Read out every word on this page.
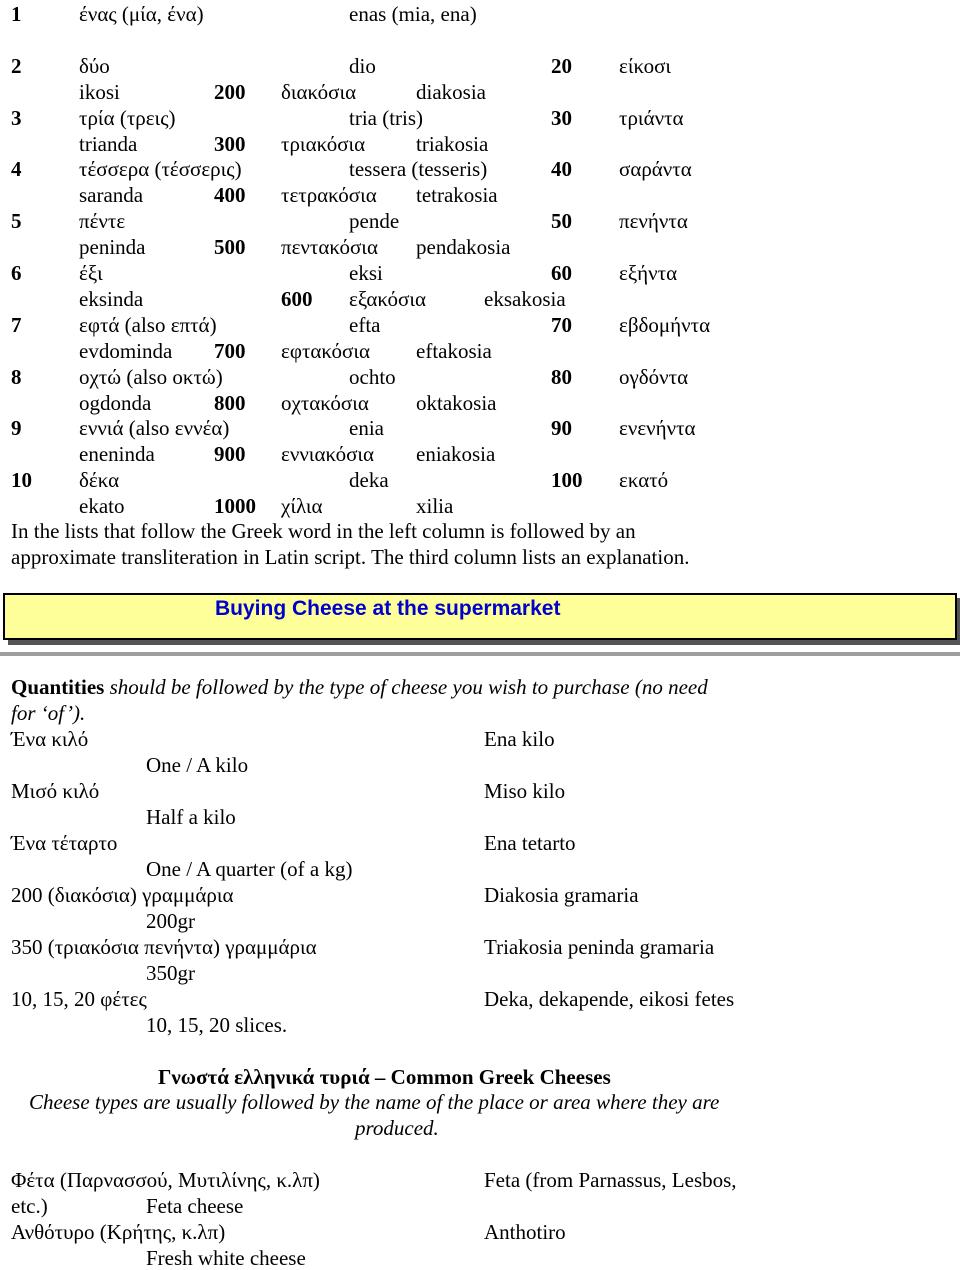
1	ένας (μία, ένα)	enas (mia, ena)
2	δύο	dio	20 είκοσι
ikosi	200 διακόσια	diakosia
3	τρία (τρεις)	tria (tris)	30 τριάντα
trianda	300 τριακόσια triakosia
4	τέσσερα (τέσσερις)	tessera (tesseris)	40 σαράντα
saranda	400 τετρακόσια tetrakosia
5	πέντε	pende	50 πενήντα
peninda	500 πεντακόσια pendakosia
6	έξι	eksi	60 εξήντα
eksinda	600 εξακόσια	eksakosia
7	εφτά (also επτά)	efta	70 εβδομήντα
evdominda 700 εφτακόσια eftakosia
8	οχτώ (also οκτώ)	ochto	80 ογδόντα
ogdonda	800 οχτακόσια oktakosia
9	εννιά (also εννέα)	enia	90 ενενήντα
eneninda	900 εννιακόσια eniakosia
10 δέκα	deka	100 εκατό
ekato	1000 χίλια	xilia
In the lists that follow the Greek word in the left column is followed by an
approximate transliteration in Latin script. The third column lists an explanation.
Buying Cheese at the supermarket
Quantities should be followed by the type of cheese you wish to purchase (no need
for ‘of’).
Ένα κιλό	Ena kilo
One / A kilo
Μισό κιλό	Miso kilo
Half a kilo
Ένα τέταρτο	Ena tetarto
One / A quarter (of a kg)
200 (διακόσια) γραμμάρια	Diakosia gramaria
200gr
350 (τριακόσια πενήντα) γραμμάρια	Triakosia peninda gramaria
350gr
10, 15, 20 φέτες	Deka, dekapende, eikosi fetes
10, 15, 20 slices.
Γνωστά ελληνικά τυριά – Common Greek Cheeses
Cheese types are usually followed by the name of the place or area where they are
produced.
Φέτα (Παρνασσού, Μυτιλίνης, κ.λπ)	Feta (from Parnassus, Lesbos,
etc.)	Feta cheese
Ανθότυρο (Κρήτης, κ.λπ)	Anthotiro
Fresh white cheese
